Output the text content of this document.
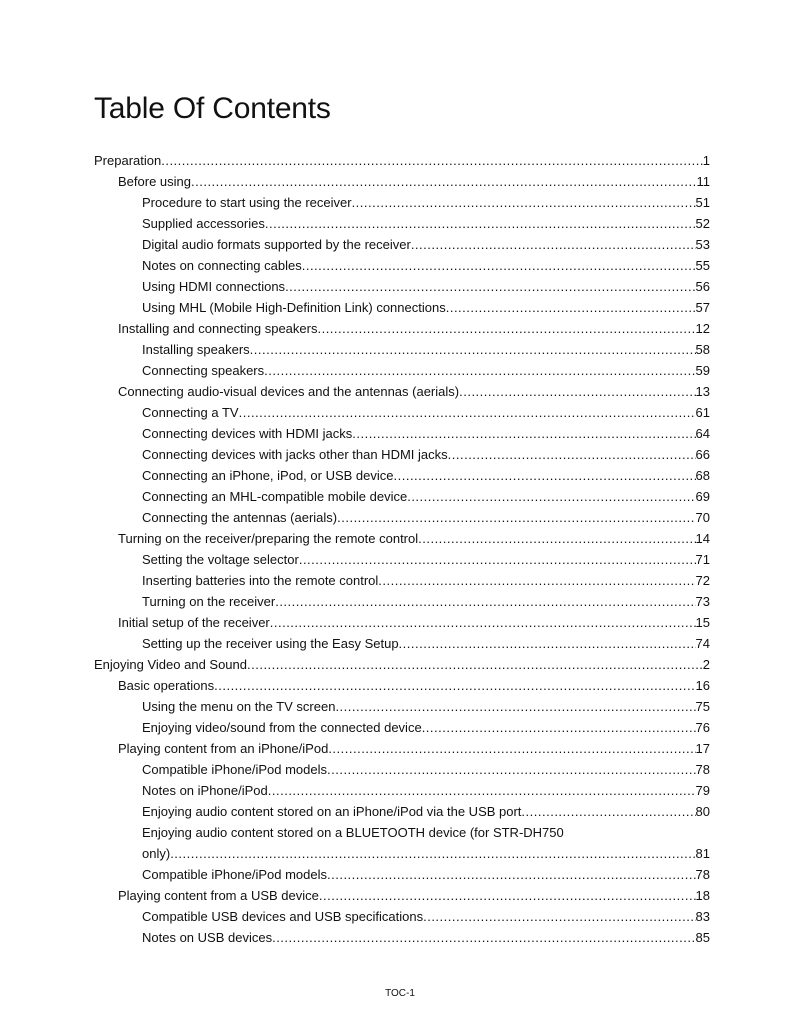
Table Of Contents
Preparation .....	1
Before using .....	11
Procedure to start using the receiver .....	51
Supplied accessories .....	52
Digital audio formats supported by the receiver .....	53
Notes on connecting cables .....	55
Using HDMI connections .....	56
Using MHL (Mobile High-Definition Link) connections .....	57
Installing and connecting speakers .....	12
Installing speakers .....	58
Connecting speakers .....	59
Connecting audio-visual devices and the antennas (aerials) .....	13
Connecting a TV .....	61
Connecting devices with HDMI jacks .....	64
Connecting devices with jacks other than HDMI jacks .....	66
Connecting an iPhone, iPod, or USB device .....	68
Connecting an MHL-compatible mobile device .....	69
Connecting the antennas (aerials) .....	70
Turning on the receiver/preparing the remote control .....	14
Setting the voltage selector .....	71
Inserting batteries into the remote control .....	72
Turning on the receiver .....	73
Initial setup of the receiver .....	15
Setting up the receiver using the Easy Setup .....	74
Enjoying Video and Sound .....	2
Basic operations .....	16
Using the menu on the TV screen .....	75
Enjoying video/sound from the connected device .....	76
Playing content from an iPhone/iPod .....	17
Compatible iPhone/iPod models .....	78
Notes on iPhone/iPod .....	79
Enjoying audio content stored on an iPhone/iPod via the USB port .....	80
Enjoying audio content stored on a BLUETOOTH device (for STR-DH750
only) .....	81
Compatible iPhone/iPod models .....	78
Playing content from a USB device .....	18
Compatible USB devices and USB specifications .....	83
Notes on USB devices .....	85
TOC-1
